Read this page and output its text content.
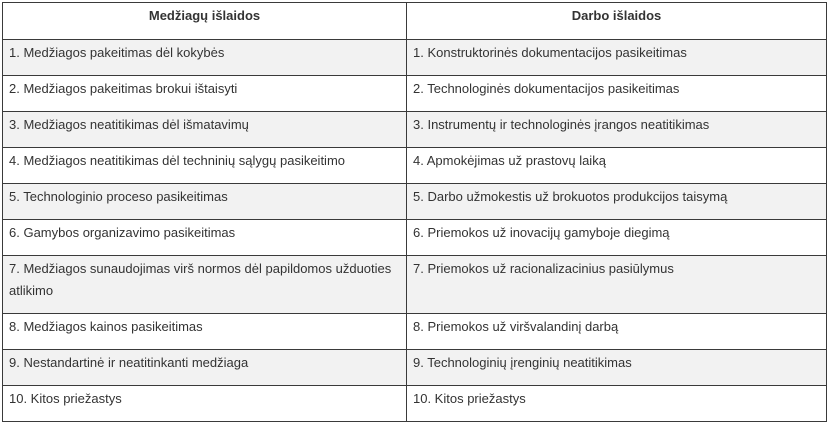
Medžiagų išlaidos	Darbo išlaidos
1. Medžiagos pakeitimas dėl kokybės	1. Konstruktorinės dokumentacijos pasikeitimas
2. Medžiagos pakeitimas brokui ištaisyti	2. Technologinės dokumentacijos pasikeitimas
3. Medžiagos neatitikimas dėl išmatavimų	3. Instrumentų ir technologinės įrangos neatitikimas
4. Medžiagos neatitikimas dėl techninių sąlygų pasikeitimo	4. Apmokėjimas už prastovų laiką
5. Technologinio proceso pasikeitimas	5. Darbo užmokestis už brokuotos produkcijos taisymą
6. Gamybos organizavimo pasikeitimas	6. Priemokos už inovacijų gamyboje diegimą
7. Medžiagos sunaudojimas virš normos dėl papildomos užduoties atlikimo	7. Priemokos už racionalizacinius pasiūlymus
8. Medžiagos kainos pasikeitimas	8. Priemokos už viršvalandinį darbą
9. Nestandartinė ir neatitinkanti medžiaga	9. Technologinių įrenginių neatitikimas
10. Kitos priežastys	10. Kitos priežastys
